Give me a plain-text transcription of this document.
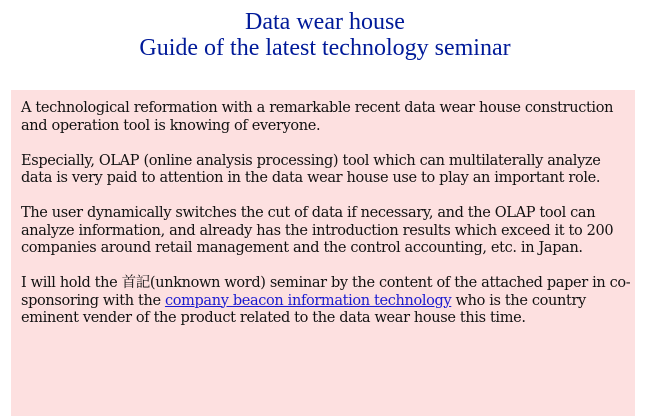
Data wear house
Guide of the latest technology seminar

A technological reformation with a remarkable recent data wear house construction and operation tool is knowing of everyone.

Especially, OLAP (online analysis processing) tool which can multilaterally analyze data is very paid to attention in the data wear house use to play an important role.

The user dynamically switches the cut of data if necessary, and the OLAP tool can analyze information, and already has the introduction results which exceed it to 200 companies around retail management and the control accounting, etc. in Japan.

I will hold the 首記(unknown word) seminar by the content of the attached paper in co-sponsoring with the company beacon information technology who is the country eminent vender of the product related to the data wear house this time.
